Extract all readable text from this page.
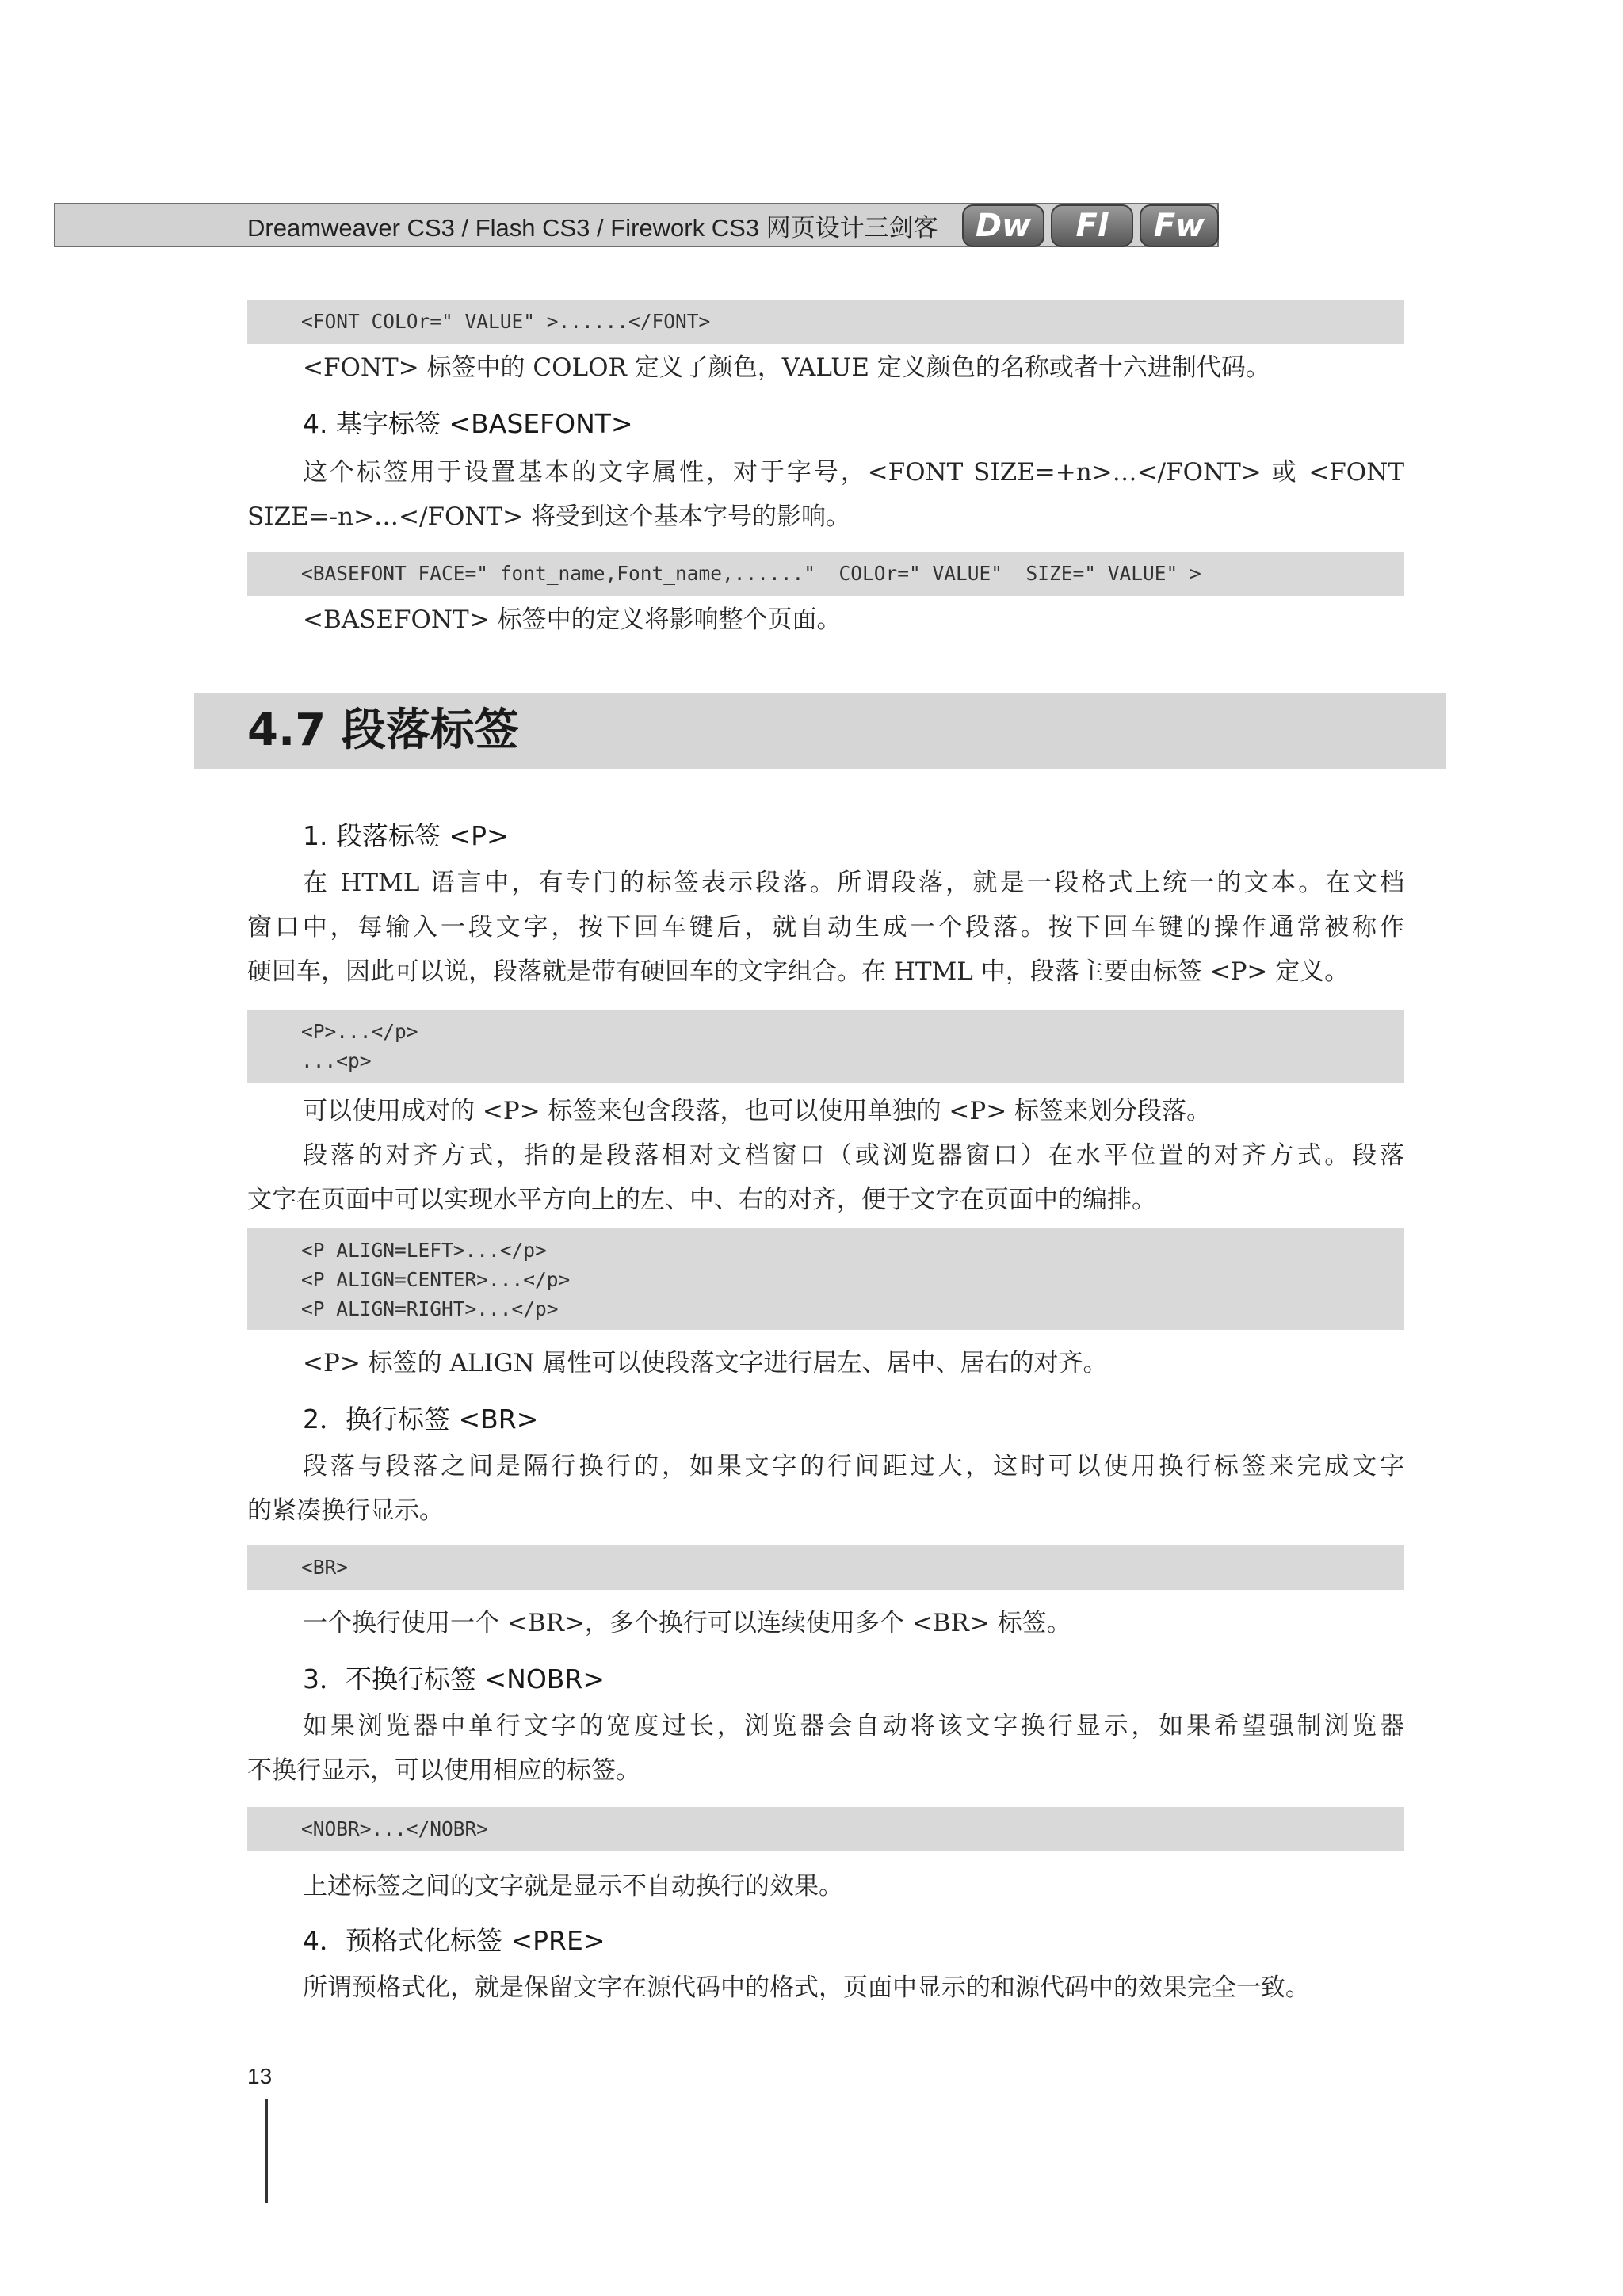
Dreamweaver CS3 / Flash CS3 / Firework CS3 网页设计三剑客	Dw	Fl	Fw
<FONT COLOr=" VALUE" >......</FONT>
<FONT> 标签中的 COLOR 定义了颜色，VALUE 定义颜色的名称或者十六进制代码。
4. 基字标签 <BASEFONT>
这个标签用于设置基本的文字属性，对于字号，<FONT SIZE=+n>…</FONT> 或 <FONT
SIZE=-n>…</FONT> 将受到这个基本字号的影响。
<BASEFONT FACE=" font_name,Font_name,......"  COLOr=" VALUE"  SIZE=" VALUE" >
<BASEFONT> 标签中的定义将影响整个页面。
4.7 段落标签
1. 段落标签 <P>
在 HTML 语言中，有专门的标签表示段落。所谓段落，就是一段格式上统一的文本。在文档
窗口中，每输入一段文字，按下回车键后，就自动生成一个段落。按下回车键的操作通常被称作
硬回车，因此可以说，段落就是带有硬回车的文字组合。在 HTML 中，段落主要由标签 <P> 定义。
<P>...</p>
...<p>
可以使用成对的 <P> 标签来包含段落，也可以使用单独的 <P> 标签来划分段落。
段落的对齐方式，指的是段落相对文档窗口（或浏览器窗口）在水平位置的对齐方式。段落
文字在页面中可以实现水平方向上的左、中、右的对齐，便于文字在页面中的编排。
<P ALIGN=LEFT>...</p>
<P ALIGN=CENTER>...</p>
<P ALIGN=RIGHT>...</p>
<P> 标签的 ALIGN 属性可以使段落文字进行居左、居中、居右的对齐。
2．换行标签 <BR>
段落与段落之间是隔行换行的，如果文字的行间距过大，这时可以使用换行标签来完成文字
的紧凑换行显示。
<BR>
一个换行使用一个 <BR>，多个换行可以连续使用多个 <BR> 标签。
3．不换行标签 <NOBR>
如果浏览器中单行文字的宽度过长，浏览器会自动将该文字换行显示，如果希望强制浏览器
不换行显示，可以使用相应的标签。
<NOBR>...</NOBR>
上述标签之间的文字就是显示不自动换行的效果。
4．预格式化标签 <PRE>
所谓预格式化，就是保留文字在源代码中的格式，页面中显示的和源代码中的效果完全一致。
13
